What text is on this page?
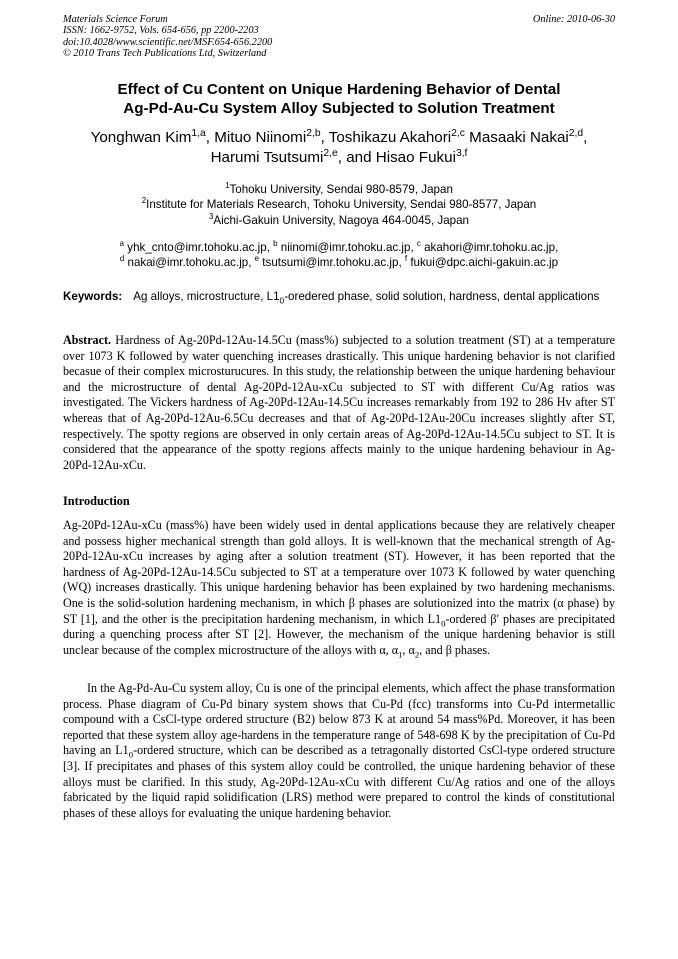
Materials Science Forum
ISSN: 1662-9752, Vols. 654-656, pp 2200-2203
doi:10.4028/www.scientific.net/MSF.654-656.2200
© 2010 Trans Tech Publications Ltd, Switzerland
Online: 2010-06-30
Effect of Cu Content on Unique Hardening Behavior of Dental
Ag-Pd-Au-Cu System Alloy Subjected to Solution Treatment
Yonghwan Kim$^{1,a}$, Mituo Niinomi$^{2,b}$, Toshikazu Akahori$^{2,c}$ Masaaki Nakai$^{2,d}$,
Harumi Tsutsumi$^{2,e}$, and Hisao Fukui$^{3,f}$
$^1$Tohoku University, Sendai 980-8579, Japan
$^2$Institute for Materials Research, Tohoku University, Sendai 980-8577, Japan
$^3$Aichi-Gakuin University, Nagoya 464-0045, Japan
$^a$ yhk_cnto@imr.tohoku.ac.jp, $^b$ niinomi@imr.tohoku.ac.jp, $^c$ akahori@imr.tohoku.ac.jp,
$^d$ nakai@imr.tohoku.ac.jp, $^e$ tsutsumi@imr.tohoku.ac.jp, $^f$ fukui@dpc.aichi-gakuin.ac.jp
Keywords: Ag alloys, microstructure, $L1_0$-oredered phase, solid solution, hardness, dental applications
Abstract. Hardness of Ag-20Pd-12Au-14.5Cu (mass%) subjected to a solution treatment (ST) at a temperature over 1073 K followed by water quenching increases drastically. This unique hardening behavior is not clarified becasue of their complex microsturucures. In this study, the relationship between the unique hardening behaviour and the microstructure of dental Ag-20Pd-12Au-xCu subjected to ST with different Cu/Ag ratios was investigated. The Vickers hardness of Ag-20Pd-12Au-14.5Cu increases remarkably from 192 to 286 Hv after ST whereas that of Ag-20Pd-12Au-6.5Cu decreases and that of Ag-20Pd-12Au-20Cu increases slightly after ST, respectively. The spotty regions are observed in only certain areas of Ag-20Pd-12Au-14.5Cu subject to ST. It is considered that the appearance of the spotty regions affects mainly to the unique hardening behaviour in Ag-20Pd-12Au-xCu.
Introduction
Ag-20Pd-12Au-xCu (mass%) have been widely used in dental applications because they are relatively cheaper and possess higher mechanical strength than gold alloys. It is well-known that the mechanical strength of Ag-20Pd-12Au-xCu increases by aging after a solution treatment (ST). However, it has been reported that the hardness of Ag-20Pd-12Au-14.5Cu subjected to ST at a temperature over 1073 K followed by water quenching (WQ) increases drastically. This unique hardening behavior has been explained by two hardening mechanisms. One is the solid-solution hardening mechanism, in which β phases are solutionized into the matrix (α phase) by ST [1], and the other is the precipitation hardening mechanism, in which $L1_0$-ordered β′ phases are precipitated during a quenching process after ST [2]. However, the mechanism of the unique hardening behavior is still unclear because of the complex microstructure of the alloys with α, $\alpha_1$, $\alpha_2$, and β phases.
In the Ag-Pd-Au-Cu system alloy, Cu is one of the principal elements, which affect the phase transformation process. Phase diagram of Cu-Pd binary system shows that Cu-Pd (fcc) transforms into Cu-Pd intermetallic compound with a CsCl-type ordered structure (B2) below 873 K at around 54 mass%Pd. Moreover, it has been reported that these system alloy age-hardens in the temperature range of 548-698 K by the precipitation of Cu-Pd having an $L1_0$-ordered structure, which can be described as a tetragonally distorted CsCl-type ordered structure [3]. If precipitates and phases of this system alloy could be controlled, the unique hardening behavior of these alloys must be clarified. In this study, Ag-20Pd-12Au-xCu with different Cu/Ag ratios and one of the alloys fabricated by the liquid rapid solidification (LRS) method were prepared to control the kinds of constitutional phases of these alloys for evaluating the unique hardening behavior.
